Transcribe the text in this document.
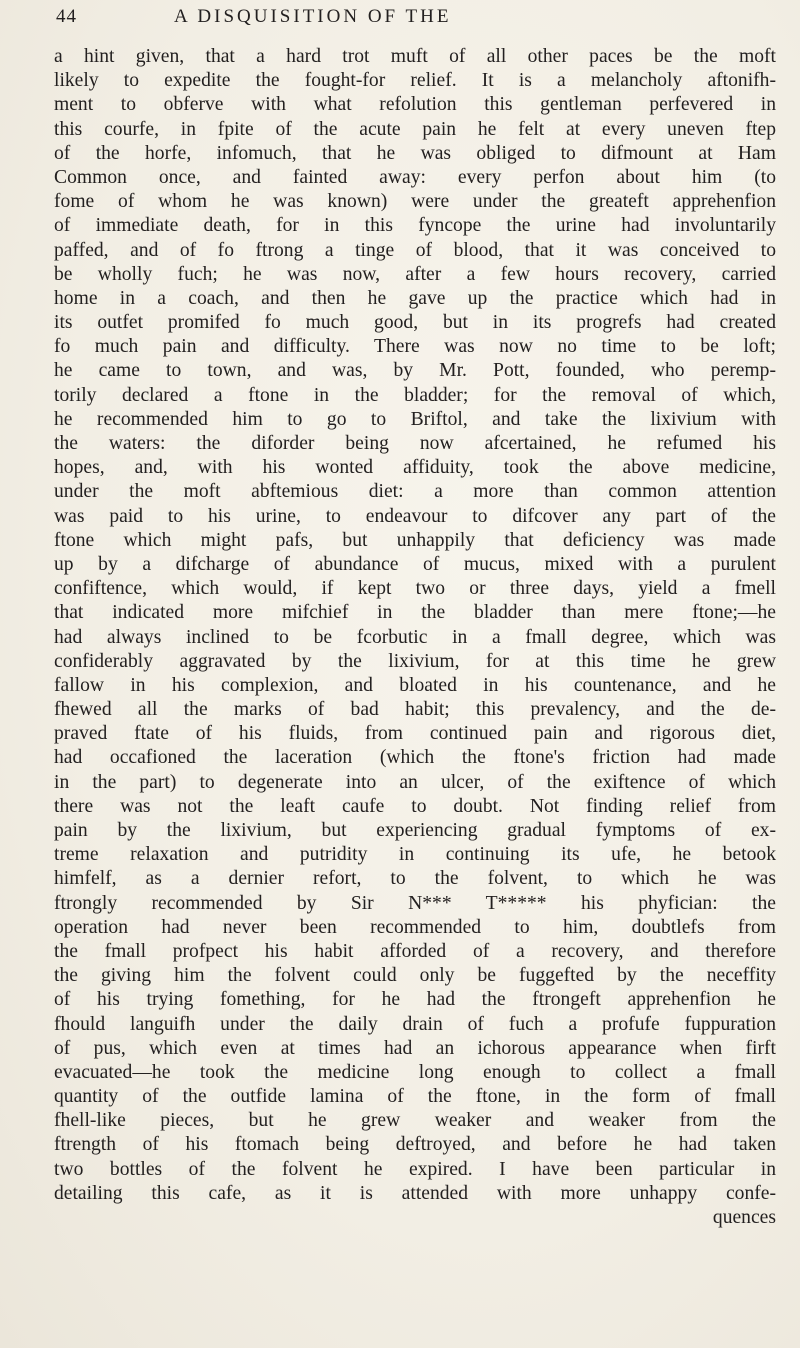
44	A DISQUISITION OF THE
a hint given, that a hard trot muft of all other paces be the moft
likely to expedite the fought-for relief. It is a melancholy aftonifh-
ment to obferve with what refolution this gentleman perfevered in
this courfe, in fpite of the acute pain he felt at every uneven ftep
of the horfe, infomuch, that he was obliged to difmount at Ham
Common once, and fainted away: every perfon about him (to
fome of whom he was known) were under the greateft apprehenfion
of immediate death, for in this fyncope the urine had involuntarily
paffed, and of fo ftrong a tinge of blood, that it was conceived to
be wholly fuch; he was now, after a few hours recovery, carried
home in a coach, and then he gave up the practice which had in
its outfet promifed fo much good, but in its progrefs had created
fo much pain and difficulty. There was now no time to be loft;
he came to town, and was, by Mr. Pott, founded, who peremp-
torily declared a ftone in the bladder; for the removal of which,
he recommended him to go to Briftol, and take the lixivium with
the waters: the diforder being now afcertained, he refumed his
hopes, and, with his wonted affiduity, took the above medicine,
under the moft abftemious diet: a more than common attention
was paid to his urine, to endeavour to difcover any part of the
ftone which might pafs, but unhappily that deficiency was made
up by a difcharge of abundance of mucus, mixed with a purulent
confiftence, which would, if kept two or three days, yield a fmell
that indicated more mifchief in the bladder than mere ftone;—he
had always inclined to be fcorbutic in a fmall degree, which was
confiderably aggravated by the lixivium, for at this time he grew
fallow in his complexion, and bloated in his countenance, and he
fhewed all the marks of bad habit; this prevalency, and the de-
praved ftate of his fluids, from continued pain and rigorous diet,
had occafioned the laceration (which the ftone's friction had made
in the part) to degenerate into an ulcer, of the exiftence of which
there was not the leaft caufe to doubt. Not finding relief from
pain by the lixivium, but experiencing gradual fymptoms of ex-
treme relaxation and putridity in continuing its ufe, he betook
himfelf, as a dernier refort, to the folvent, to which he was
ftrongly recommended by Sir N*** T***** his phyfician: the
operation had never been recommended to him, doubtlefs from
the fmall profpect his habit afforded of a recovery, and therefore
the giving him the folvent could only be fuggefted by the neceffity
of his trying fomething, for he had the ftrongeft apprehenfion he
fhould languifh under the daily drain of fuch a profufe fuppuration
of pus, which even at times had an ichorous appearance when firft
evacuated—he took the medicine long enough to collect a fmall
quantity of the outfide lamina of the ftone, in the form of fmall
fhell-like pieces, but he grew weaker and weaker from the
ftrength of his ftomach being deftroyed, and before he had taken
two bottles of the folvent he expired. I have been particular in
detailing this cafe, as it is attended with more unhappy confe-
quences
